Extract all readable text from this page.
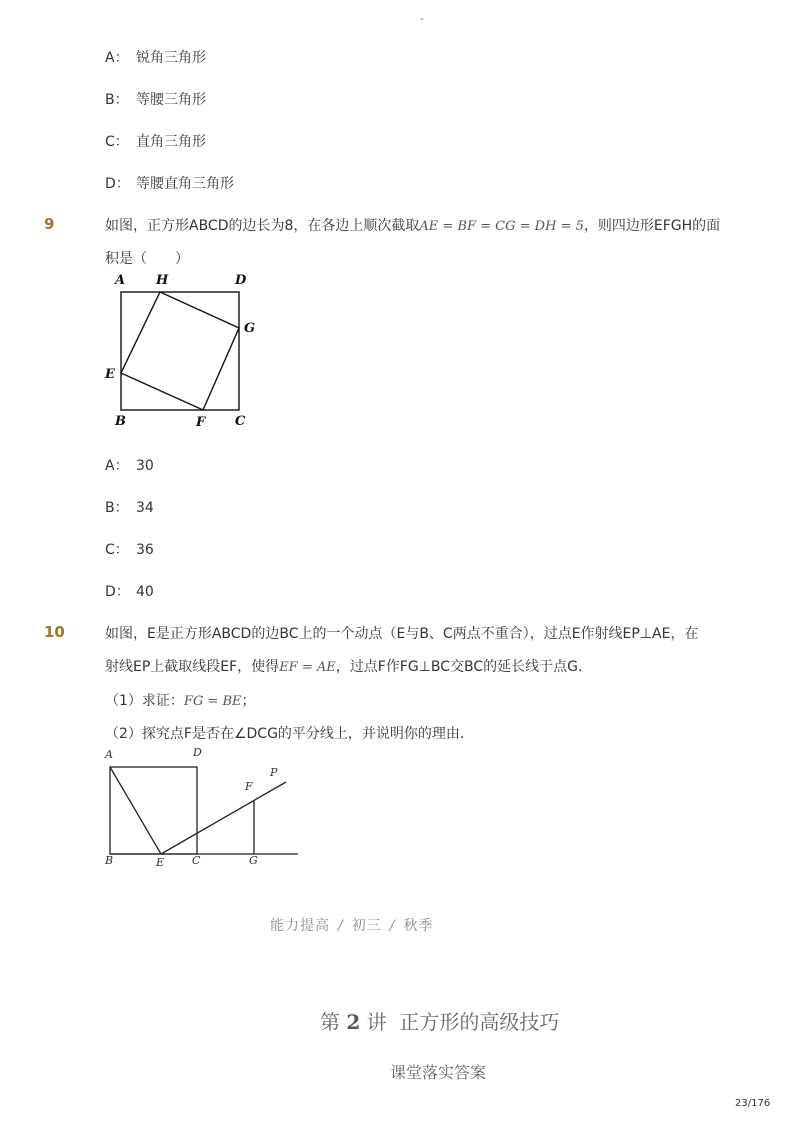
-
A： 锐角三角形
B： 等腰三角形
C： 直角三角形
D： 等腰直角三角形
9	如图，正方形ABCD的边长为8，在各边上顺次截取AE = BF = CG = DH = 5，则四边形EFGH的面
积是（　　）
A H	D
G
E
B	F C
A： 30
B： 34
C： 36
D： 40
10	如图，E是正方形ABCD的边BC上的一个动点（E与B、C两点不重合），过点E作射线EP⊥AE，在
射线EP上截取线段EF，使得EF = AE，过点F作FG⊥BC交BC的延长线于点G．
（1）求证：FG = BE；
（2）探究点F是否在∠DCG的平分线上，并说明你的理由．
A	D
P
F
B	E	C	G
能力提高 / 初三 / 秋季
第 2 讲 正方形的高级技巧
课堂落实答案
23/176
